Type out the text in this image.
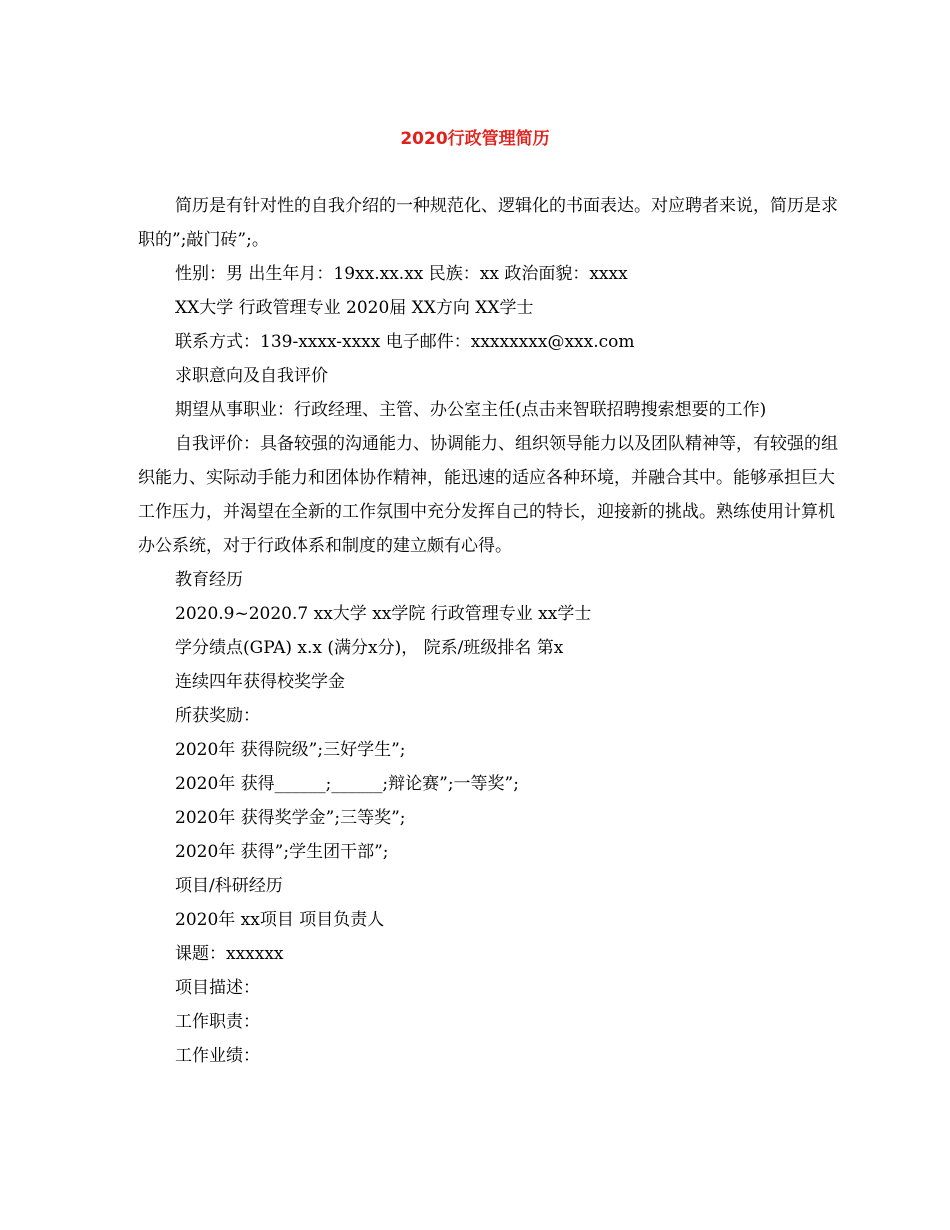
2020行政管理简历

简历是有针对性的自我介绍的一种规范化、逻辑化的书面表达。对应聘者来说，简历是求职的”;敲门砖”;。

性别：男 出生年月：19xx.xx.xx 民族：xx 政治面貌：xxxx

XX大学 行政管理专业 2020届 XX方向 XX学士

联系方式：139-xxxx-xxxx 电子邮件：xxxxxxxx@xxx.com

求职意向及自我评价

期望从事职业：行政经理、主管、办公室主任(点击来智联招聘搜索想要的工作)

自我评价：具备较强的沟通能力、协调能力、组织领导能力以及团队精神等，有较强的组织能力、实际动手能力和团体协作精神，能迅速的适应各种环境，并融合其中。能够承担巨大工作压力，并渴望在全新的工作氛围中充分发挥自己的特长，迎接新的挑战。熟练使用计算机办公系统，对于行政体系和制度的建立颇有心得。

教育经历

2020.9~2020.7 xx大学 xx学院 行政管理专业 xx学士

学分绩点(GPA) x.x (满分x分)， 院系/班级排名 第x

连续四年获得校奖学金

所获奖励：

2020年 获得院级”;三好学生”;

2020年 获得______;______;辩论赛”;一等奖”;

2020年 获得奖学金”;三等奖”;

2020年 获得”;学生团干部”;

项目/科研经历

2020年 xx项目 项目负责人

课题：xxxxxx

项目描述：

工作职责：

工作业绩：
